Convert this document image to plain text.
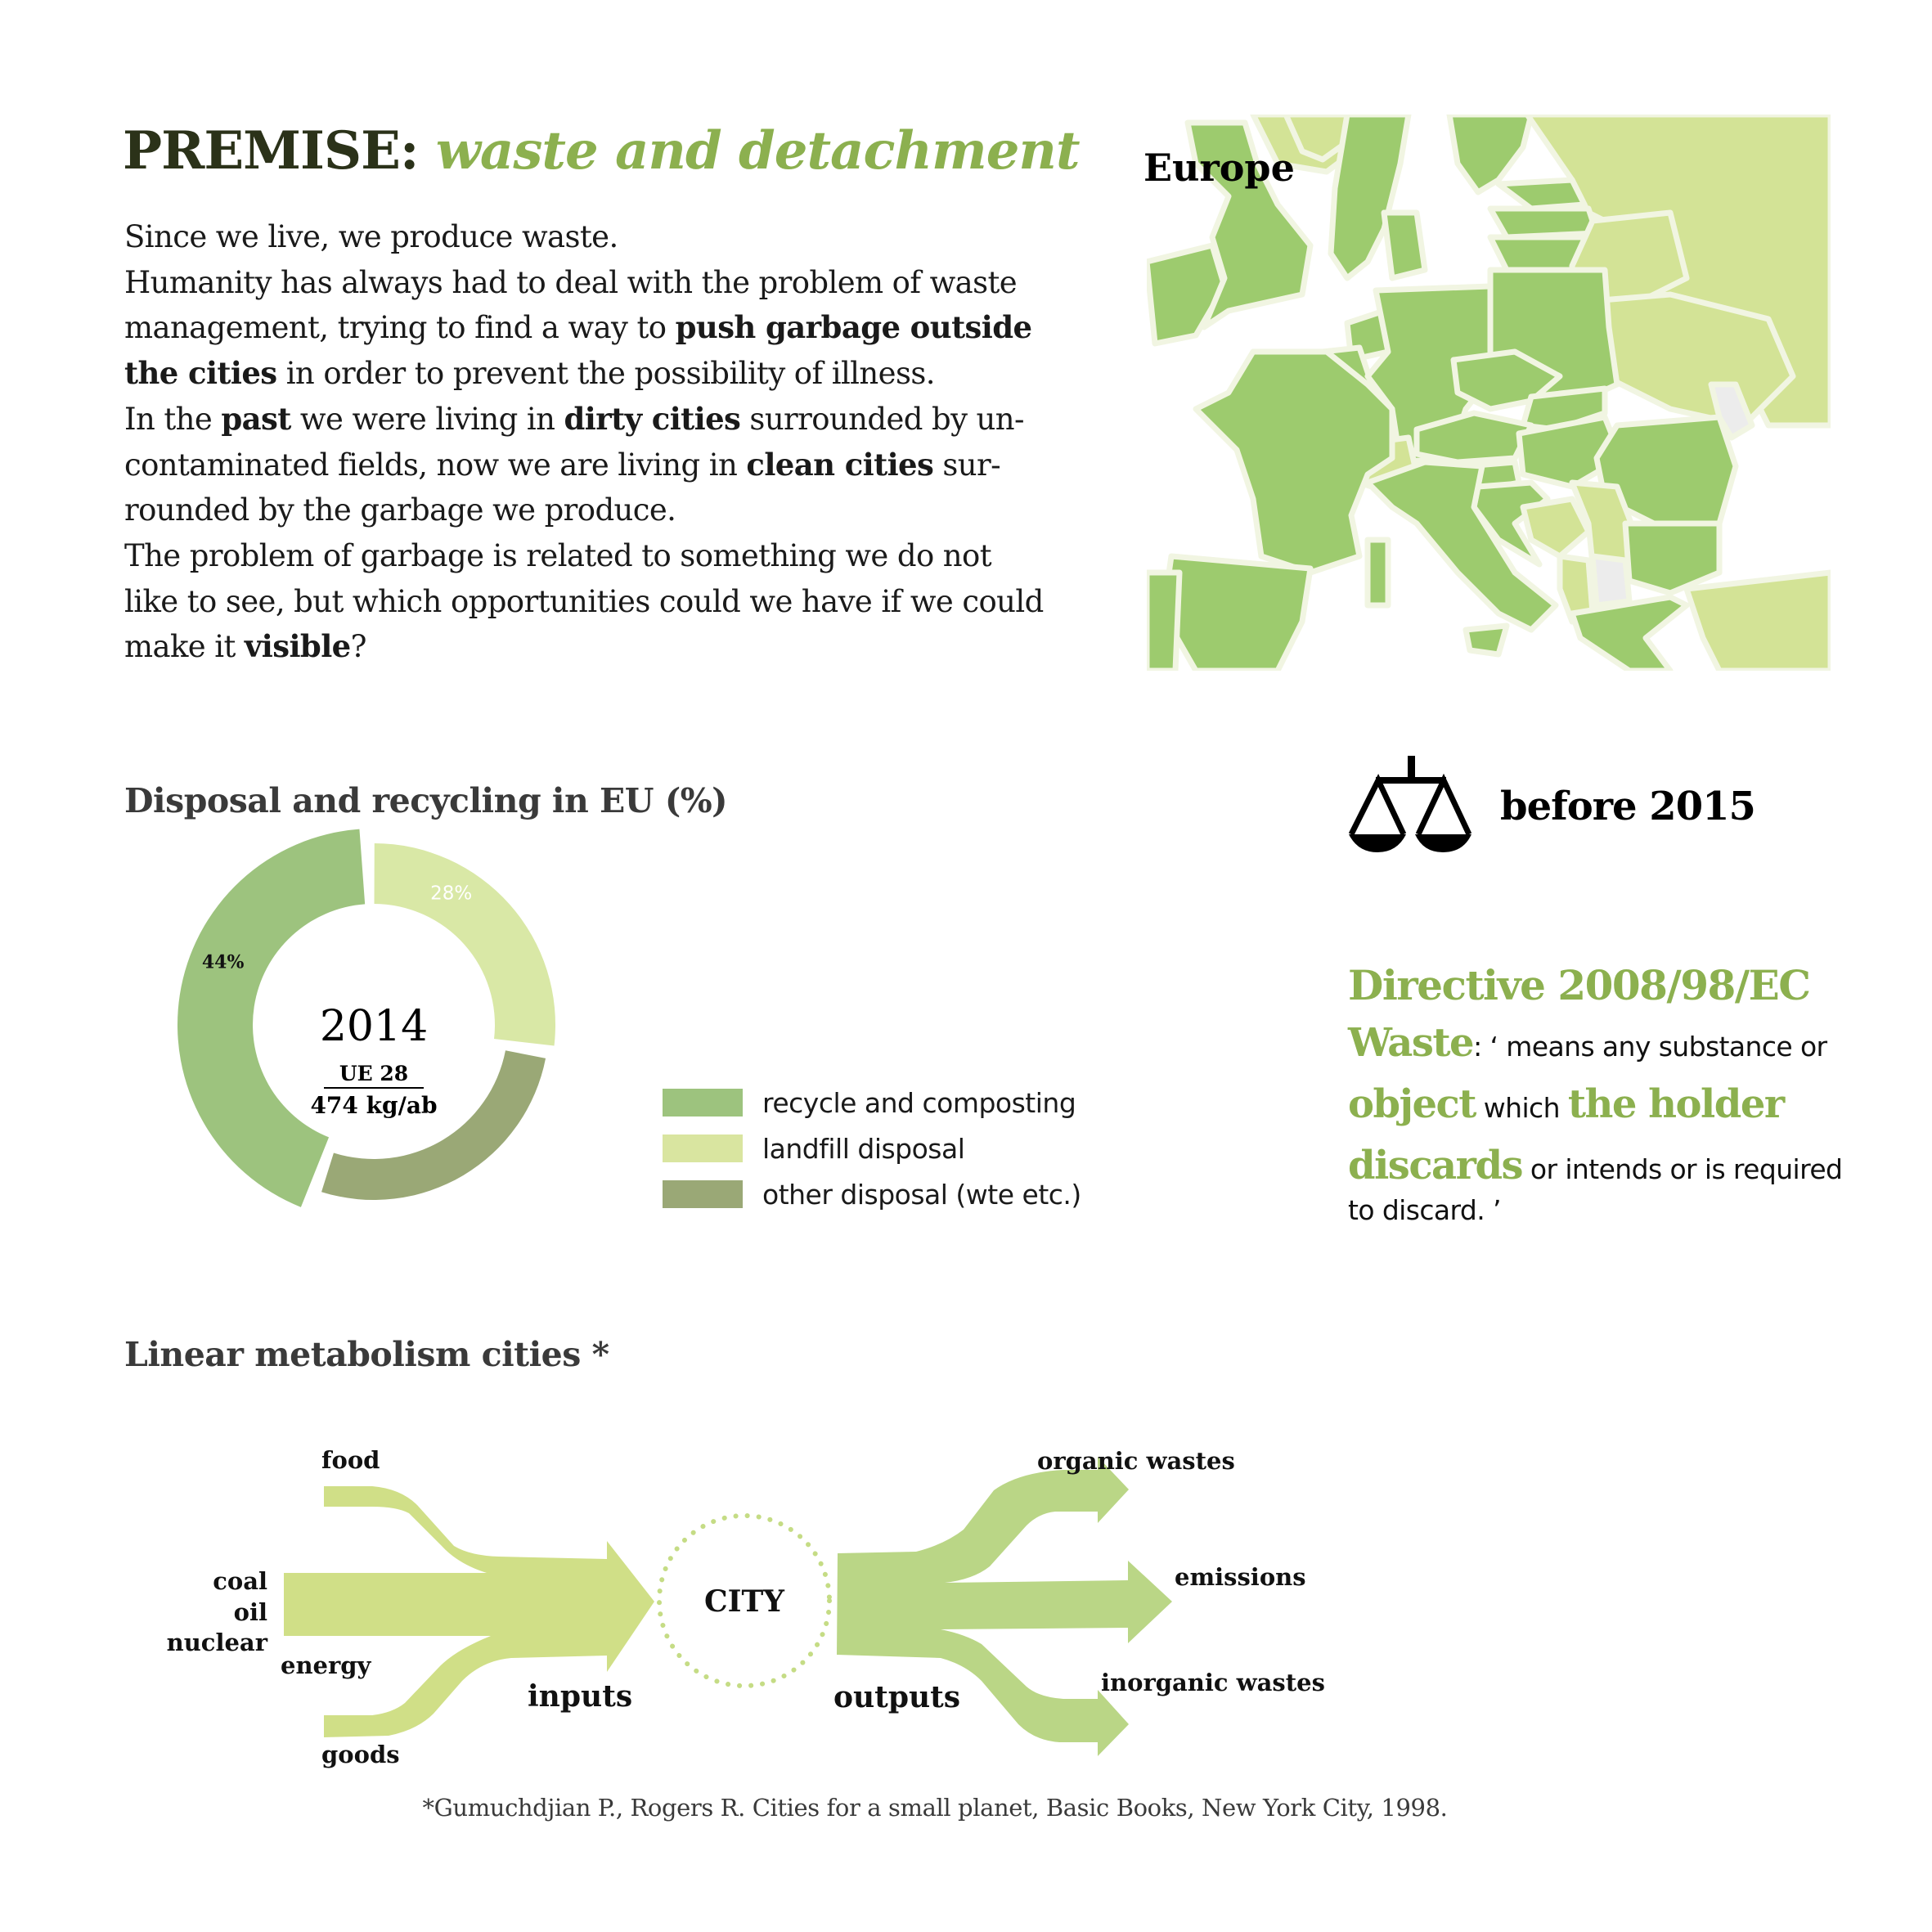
PREMISE: waste and detachment
Since we live, we produce waste.
Humanity has always had to deal with the problem of waste
management, trying to find a way to push garbage outside
the cities in order to prevent the possibility of illness.
In the past we were living in dirty cities surrounded by un-
contaminated fields, now we are living in clean cities sur-
rounded by the garbage we produce.
The problem of garbage is related to something we do not
like to see, but which opportunities could we have if we could
make it visible?
Europe
Disposal and recycling in EU (%)
44%
28%
2014
UE 28
474 kg/ab	recycle and composting
landfill disposal
other disposal (wte etc.)
before 2015
Directive 2008/98/EC
Waste: ‘ means any substance or
object which the holder
discards or intends or is required
to discard. ’
Linear metabolism cities *
food
coal
oil
nuclear
energy
goods
inputs
CITY
organic wastes
emissions
inorganic wastes
outputs
*Gumuchdjian P., Rogers R. Cities for a small planet, Basic Books, New York City, 1998.
